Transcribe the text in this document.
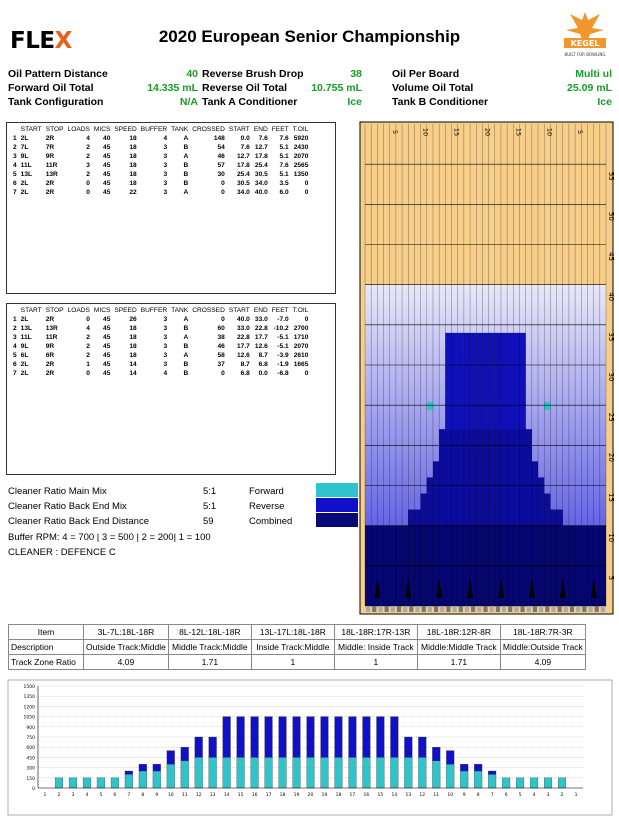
FLEX	2020 European Senior Championship	KEGEL
BUILT FOR BOWLING
Oil Pattern Distance	40 Reverse Brush Drop	38	Oil Per Board	Multi ul
Forward Oil Total	14.335 mL Reverse Oil Total 10.755 mL	Volume Oil Total	25.09 mL
Tank Configuration	N/A Tank A Conditioner	Ice	Tank B Conditioner	Ice
	START	STOP	LOADS	MICS	SPEED	BUFFER	TANK	CROSSED	START	END	FEET	T.OIL
1	2L	2R	4	40	18	4	A	148	0.0	7.6	7.6	5920
2	7L	7R	2	45	18	3	B	54	7.6	12.7	5.1	2430
3	9L	9R	2	45	18	3	A	46	12.7	17.8	5.1	2070
4	11L	11R	3	45	18	3	B	57	17.8	25.4	7.6	2565
5	13L	13R	2	45	18	3	B	30	25.4	30.5	5.1	1350
6	2L	2R	0	45	18	3	B	0	30.5	34.0	3.5	0
7	2L	2R	0	45	22	3	A	0	34.0	40.0	6.0	0
	START	STOP	LOADS	MICS	SPEED	BUFFER	TANK	CROSSED	START	END	FEET	T.OIL
1	2L	2R	0	45	26	3	A	0	40.0	33.0	-7.0	0
2	13L	13R	4	45	18	3	B	60	33.0	22.8	-10.2	2700
3	11L	11R	2	45	18	3	A	38	22.8	17.7	-5.1	1710
4	9L	9R	2	45	18	3	B	46	17.7	12.6	-5.1	2070
5	6L	6R	2	45	18	3	A	58	12.6	8.7	-3.9	2610
6	2L	2R	1	45	14	3	B	37	8.7	6.8	-1.9	1665
7	2L	2R	0	45	14	4	B	0	6.8	0.0	-6.8	0
Cleaner Ratio Main Mix	5:1	Forward
Cleaner Ratio Back End Mix	5:1	Reverse
Cleaner Ratio Back End Distance	59	Combined
Buffer RPM: 4 = 700 | 3 = 500 | 2 = 200| 1 = 100
CLEANER : DEFENCE C
55
50
45
40
35
30
25
20
15
10
5
5	10	15	20	15	10	5
Item	3L-7L:18L-18R	8L-12L:18L-18R	13L-17L:18L-18R	18L-18R:17R-13R	18L-18R:12R-8R	18L-18R:7R-3R
Description	Outside Track:Middle	Middle Track:Middle	Inside Track:Middle	Middle: Inside Track	Middle:Middle Track	Middle:Outside Track
Track Zone Ratio	4.09	1.71	1	1	1.71	4.09
1500
1350
1200
1050
900
750
600
450
300
150
0
1 2 3 4 5 6 7 8 9 10 11 12 13 14 15 16 17 18 19 20 19 18 17 16 15 14 13 12 11 10 9 8 7 6 5 4 3 2 1
